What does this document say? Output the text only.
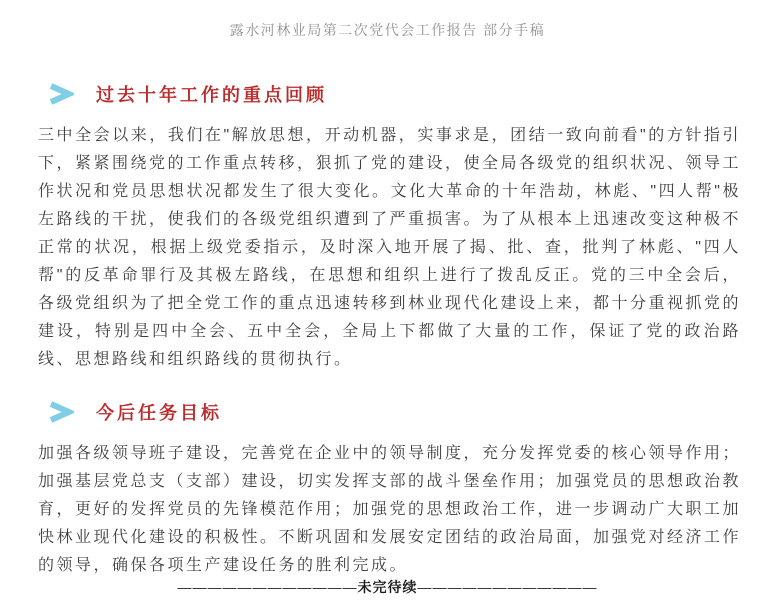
露水河林业局第二次党代会工作报告 部分手稿
过去十年工作的重点回顾

三中全会以来，我们在"解放思想，开动机器，实事求是，团结一致向前看"的方针指引下，紧紧围绕党的工作重点转移，狠抓了党的建设，使全局各级党的组织状况、领导工作状况和党员思想状况都发生了很大变化。文化大革命的十年浩劫，林彪、"四人帮"极左路线的干扰，使我们的各级党组织遭到了严重损害。为了从根本上迅速改变这种极不正常的状况，根据上级党委指示，及时深入地开展了揭、批、查，批判了林彪、"四人帮"的反革命罪行及其极左路线，在思想和组织上进行了拨乱反正。党的三中全会后，各级党组织为了把全党工作的重点迅速转移到林业现代化建设上来，都十分重视抓党的建设，特别是四中全会、五中全会，全局上下都做了大量的工作，保证了党的政治路线、思想路线和组织路线的贯彻执行。

今后任务目标

加强各级领导班子建设，完善党在企业中的领导制度，充分发挥党委的核心领导作用；加强基层党总支（支部）建设，切实发挥支部的战斗堡垒作用；加强党员的思想政治教育，更好的发挥党员的先锋模范作用；加强党的思想政治工作，进一步调动广大职工加快林业现代化建设的积极性。不断巩固和发展安定团结的政治局面，加强党对经济工作的领导，确保各项生产建设任务的胜利完成。

————————————未完待续————————————
